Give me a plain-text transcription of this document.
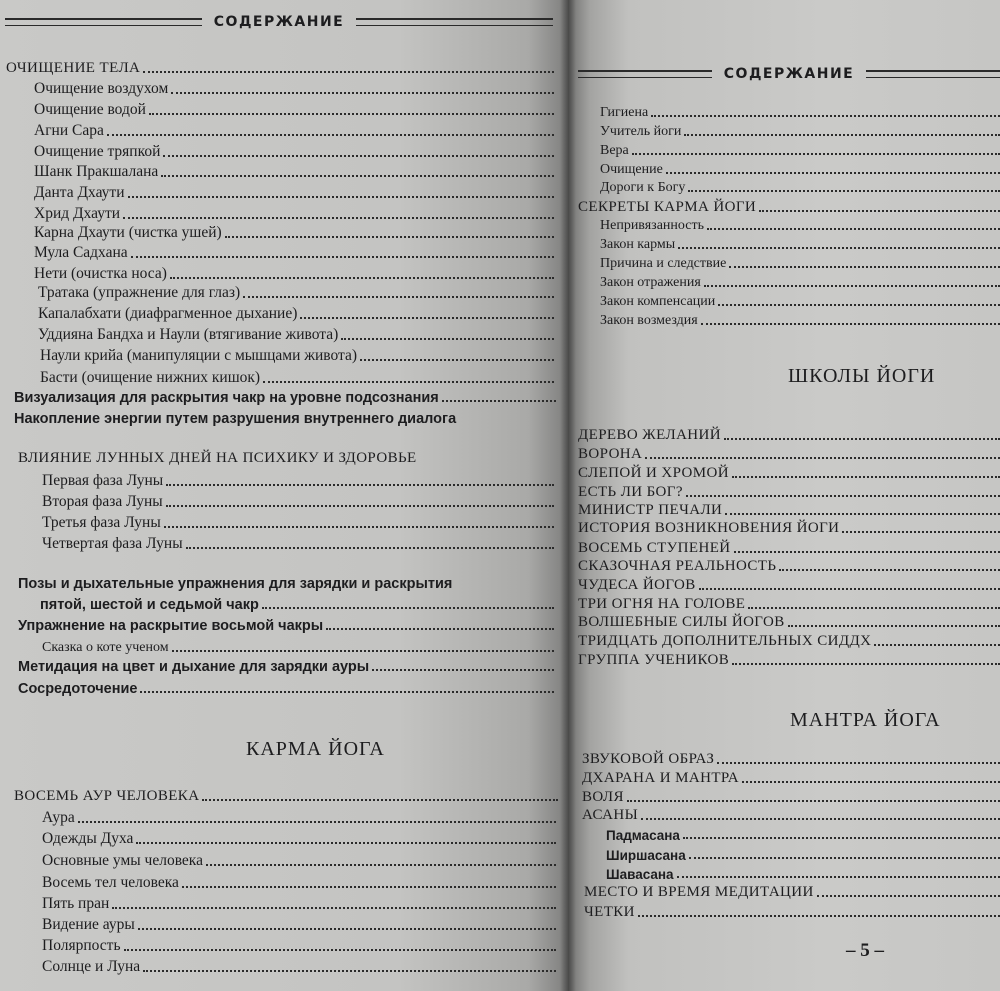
СОДЕРЖАНИЕ
ОЧИЩЕНИЕ ТЕЛА
Очищение воздухом
Очищение водой
Агни Сара
Очищение тряпкой
Шанк Пракшалана
Данта Дхаути
Хрид Дхаути
Карна Дхаути (чистка ушей)
Мула Садхана
Нети (очистка носа)
Тратака (упражнение для глаз)
Капалабхати (диафрагменное дыхание)
Уддияна Бандха и Наули (втягивание живота)
Наули крийа (манипуляции с мышцами живота)
Басти (очищение нижних кишок)
Визуализация для раскрытия чакр на уровне подсознания
Накопление энергии путем разрушения внутреннего диалога
ВЛИЯНИЕ ЛУННЫХ ДНЕЙ НА ПСИХИКУ И ЗДОРОВЬЕ
Первая фаза Луны
Вторая фаза Луны
Третья фаза Луны
Четвертая фаза Луны
Позы и дыхательные упражнения для зарядки и раскрытия
пятой, шестой и седьмой чакр
Упражнение на раскрытие восьмой чакры
Сказка о коте ученом
Метидация на цвет и дыхание для зарядки ауры
Сосредоточение
КАРМА ЙОГА
ВОСЕМЬ АУР ЧЕЛОВЕКА
Аура
Одежды Духа
Основные умы человека
Восемь тел человека
Пять пран
Видение ауры
Полярпость
Солнце и Луна
СОДЕРЖАНИЕ
Гигиена
Учитель йоги
Вера
Очищение
Дороги к Богу
СЕКРЕТЫ КАРМА ЙОГИ
Непривязанность
Закон кармы
Причина и следствие
Закон отражения
Закон компенсации
Закон возмездия
ШКОЛЫ ЙОГИ
ДЕРЕВО ЖЕЛАНИЙ
ВОРОНА
СЛЕПОЙ И ХРОМОЙ
ЕСТЬ ЛИ БОГ?
МИНИСТР ПЕЧАЛИ
ИСТОРИЯ ВОЗНИКНОВЕНИЯ ЙОГИ
ВОСЕМЬ СТУПЕНЕЙ
СКАЗОЧНАЯ РЕАЛЬНОСТЬ
ЧУДЕСА ЙОГОВ
ТРИ ОГНЯ НА ГОЛОВЕ
ВОЛШЕБНЫЕ СИЛЫ ЙОГОВ
ТРИДЦАТЬ ДОПОЛНИТЕЛЬНЫХ СИДДХ
ГРУППА УЧЕНИКОВ
МАНТРА ЙОГА
ЗВУКОВОЙ ОБРАЗ
ДХАРАНА И МАНТРА
ВОЛЯ
АСАНЫ
Падмасана
Ширшасана
Шавасана
МЕСТО И ВРЕМЯ МЕДИТАЦИИ
ЧЕТКИ
– 5 –
